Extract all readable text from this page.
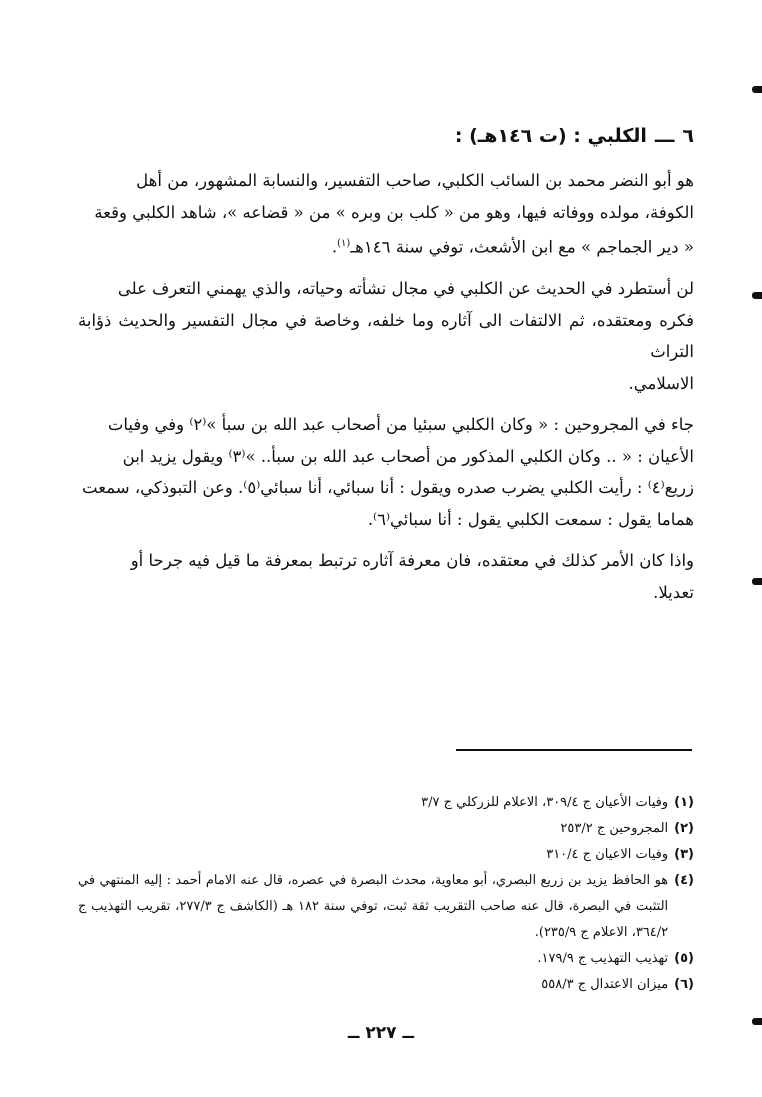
٦
ـــ
الكلبي : (ت ١٤٦هـ) :
هو أبو النضر محمد بن السائب الكلبي، صاحب التفسير، والنسابة المشهور، من أهل
الكوفة، مولده ووفاته فيها، وهو من « كلب بن وبره » من « قضاعه »، شاهد الكلبي وقعة
« دير الجماجم » مع ابن الأشعث، توفي سنة ١٤٦هـ$^{(١)}$.
لن أستطرد في الحديث عن الكلبي في مجال نشأته وحياته، والذي يهمني التعرف على
فكره ومعتقده، ثم الالتفات الى آثاره وما خلفه، وخاصة في مجال التفسير والحديث ذؤابة التراث
الاسلامي.
جاء في المجروحين : « وكان الكلبي سبئيا من أصحاب عبد الله بن سبأ »⁽٢⁾ وفي وفيات
الأعيان : « .. وكان الكلبي المذكور من أصحاب عبد الله بن سبأ.. »⁽٣⁾ ويقول يزيد ابن
زريع⁽٤⁾ : رأيت الكلبي يضرب صدره ويقول : أنا سبائي، أنا سبائي⁽٥⁾. وعن التبوذكي، سمعت
هماما يقول : سمعت الكلبي يقول : أنا سبائي⁽٦⁾.
واذا كان الأمر كذلك في معتقده، فان معرفة آثاره ترتبط بمعرفة ما قيل فيه جرحا أو
تعديلا.
(١)
وفيات الأعيان ج ٣٠٩/٤، الاعلام للزركلي ج ٣/٧
(٢)
المجروحين ج ٢٥٣/٢
(٣)
وفيات الاعيان ج ٣١٠/٤
(٤)
هو الحافظ يزيد بن زريع البصري، أبو معاوية، محدث البصرة في عصره، قال عنه الامام أحمد : إليه المنتهي في التثبت في البصرة، قال عنه صاحب التقريب ثقة ثبت، توفي سنة ١٨٢ هـ (الكاشف ج ٢٧٧/٣، تقريب التهذيب ج ٣٦٤/٢، الاعلام ج ٢٣٥/٩).
(٥)
تهذيب التهذيب ج ١٧٩/٩.
(٦)
ميزان الاعتدال ج ٥٥٨/٣
ــ ٢٢٧ ــ
